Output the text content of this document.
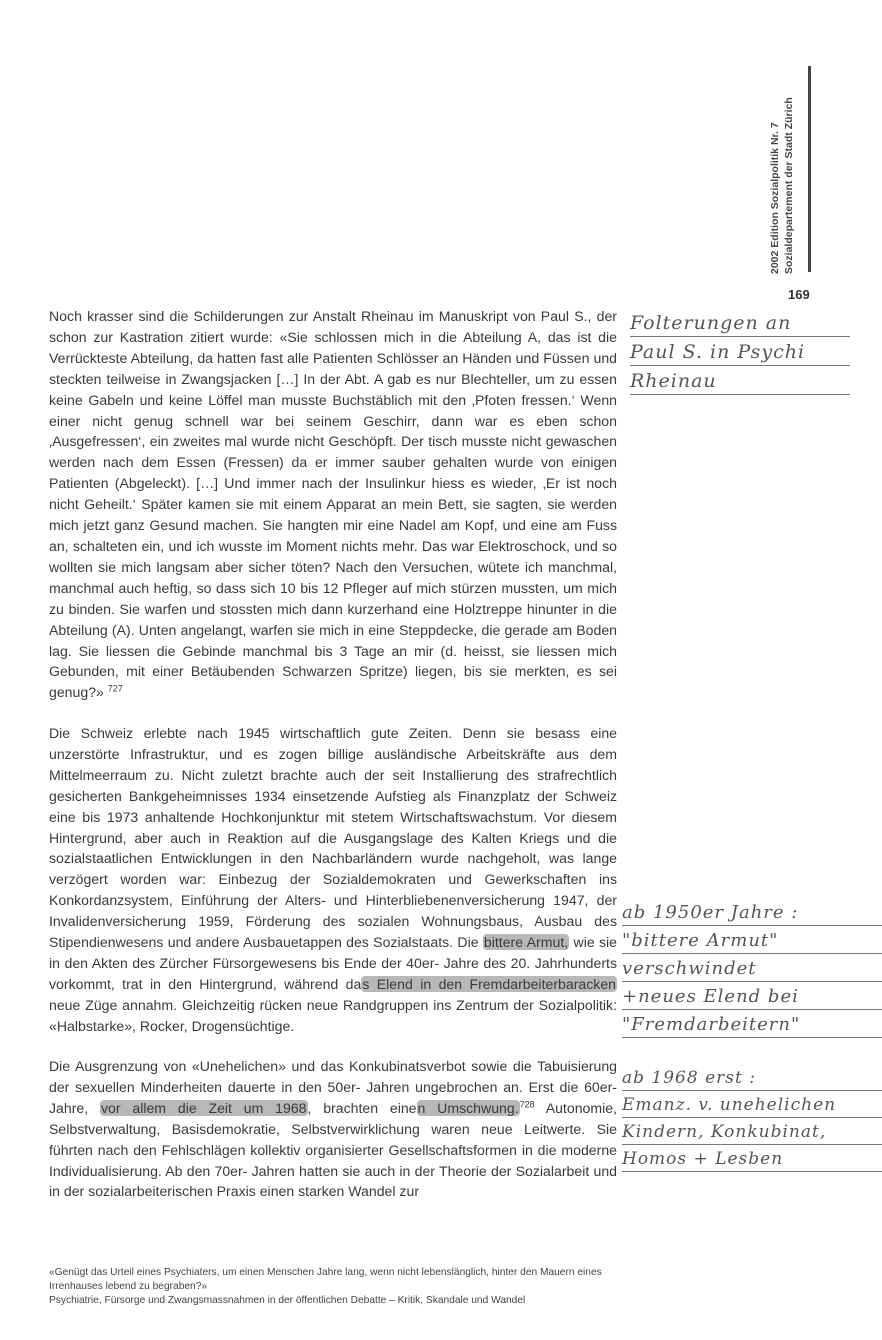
2002 Edition Sozialpolitik Nr. 7 Sozialdepartement der Stadt Zürich
169
Noch krasser sind die Schilderungen zur Anstalt Rheinau im Manuskript von Paul S., der schon zur Kastration zitiert wurde: «Sie schlossen mich in die Abteilung A, das ist die Verrückteste Abteilung, da hatten fast alle Patienten Schlösser an Händen und Füssen und steckten teilweise in Zwangsjacken […] In der Abt. A gab es nur Blechteller, um zu essen keine Gabeln und keine Löffel man musste Buchstäblich mit den ‚Pfoten fressen.‘ Wenn einer nicht genug schnell war bei seinem Geschirr, dann war es eben schon ‚Ausgefressen‘, ein zweites mal wurde nicht Geschöpft. Der tisch musste nicht gewaschen werden nach dem Essen (Fressen) da er immer sauber gehalten wurde von einigen Patienten (Abgeleckt). […] Und immer nach der Insulinkur hiess es wieder, ‚Er ist noch nicht Geheilt.‘ Später kamen sie mit einem Apparat an mein Bett, sie sagten, sie werden mich jetzt ganz Gesund machen. Sie hangten mir eine Nadel am Kopf, und eine am Fuss an, schalteten ein, und ich wusste im Moment nichts mehr. Das war Elektroschock, und so wollten sie mich langsam aber sicher töten? Nach den Versuchen, wütete ich manchmal, manchmal auch heftig, so dass sich 10 bis 12 Pfleger auf mich stürzen mussten, um mich zu binden. Sie warfen und stossten mich dann kurzerhand eine Holztreppe hinunter in die Abteilung (A). Unten angelangt, warfen sie mich in eine Steppdecke, die gerade am Boden lag. Sie liessen die Gebinde manchmal bis 3 Tage an mir (d. heisst, sie liessen mich Gebunden, mit einer Betäubenden Schwarzen Spritze) liegen, bis sie merkten, es sei genug?» $^{727}$
Die Schweiz erlebte nach 1945 wirtschaftlich gute Zeiten. Denn sie besass eine unzerstörte Infrastruktur, und es zogen billige ausländische Arbeitskräfte aus dem Mittelmeerraum zu. Nicht zuletzt brachte auch der seit Installierung des strafrechtlich gesicherten Bankgeheimnisses 1934 einsetzende Aufstieg als Finanzplatz der Schweiz eine bis 1973 anhaltende Hochkonjunktur mit stetem Wirtschaftswachstum. Vor diesem Hintergrund, aber auch in Reaktion auf die Ausgangslage des Kalten Kriegs und die sozialstaatlichen Entwicklungen in den Nachbarländern wurde nachgeholt, was lange verzögert worden war: Einbezug der Sozialdemokraten und Gewerkschaften ins Konkordanzsystem, Einführung der Alters- und Hinterbliebenenversicherung 1947, der Invalidenversicherung 1959, Förderung des sozialen Wohnungsbaus, Ausbau des Stipendienwesens und andere Ausbauetappen des Sozialstaats. Die bittere Armut, wie sie in den Akten des Zürcher Fürsorgewesens bis Ende der 40er- Jahre des 20. Jahrhunderts vorkommt, trat in den Hintergrund, während das Elend in den Fremdarbeiterbaracken neue Züge annahm. Gleichzeitig rücken neue Randgruppen ins Zentrum der Sozialpolitik: «Halbstarke», Rocker, Drogensüchtige.
Die Ausgrenzung von «Unehelichen» und das Konkubinatsverbot sowie die Tabuisierung der sexuellen Minderheiten dauerte in den 50er- Jahren ungebrochen an. Erst die 60er- Jahre, vor allem die Zeit um 1968, brachten einen Umschwung.$^{728}$ Autonomie, Selbstverwaltung, Basisdemokratie, Selbstverwirklichung waren neue Leitwerte. Sie führten nach den Fehlschlägen kollektiv organisierter Gesellschaftsformen in die moderne Individualisierung. Ab den 70er- Jahren hatten sie auch in der Theorie der Sozialarbeit und in der sozialarbeiterischen Praxis einen starken Wandel zur
«Genügt das Urteil eines Psychiaters, um einen Menschen Jahre lang, wenn nicht lebenslänglich, hinter den Mauern eines Irrenhauses lebend zu begraben?»
Psychiatrie, Fürsorge und Zwangsmassnahmen in der öffentlichen Debatte – Kritik, Skandale und Wandel
Folterungen an
Paul S. in Psychi
Rheinau
ab 1950er Jahre :
"bittere Armut"
verschwindet
+neues Elend bei
"Fremdarbeitern"
ab 1968 erst :
Emanz. v. unehelichen
Kindern, Konkubinat,
Homos + Lesben
